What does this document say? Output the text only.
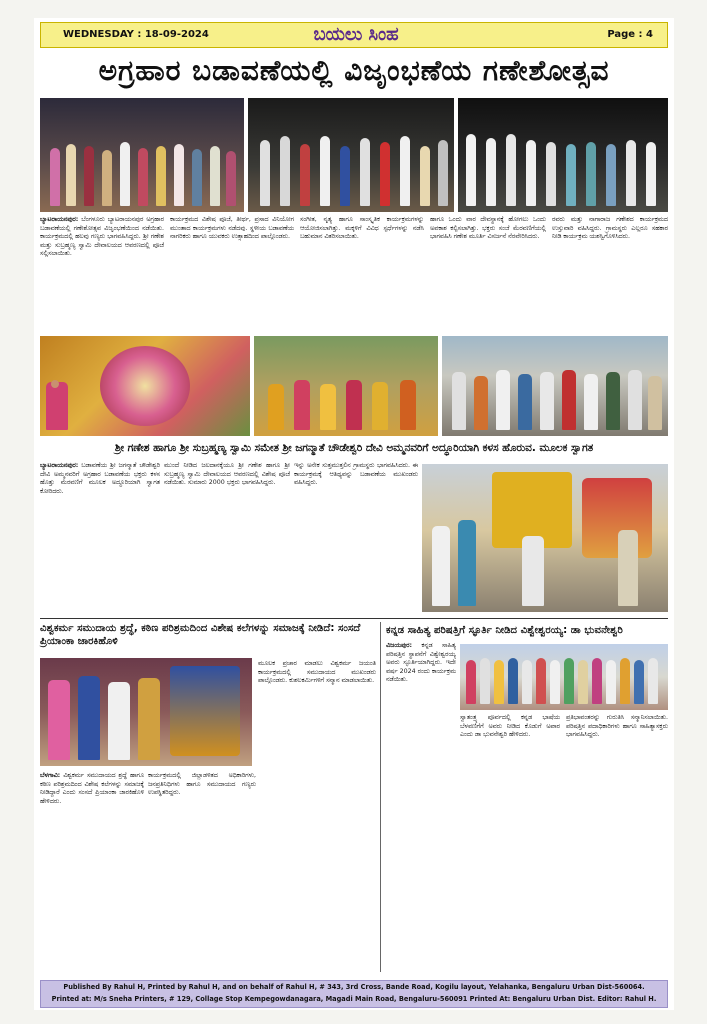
WEDNESDAY : 18-09-2024	ಬಯಲು ಸಿಂಹ	Page : 4
ಅಗ್ರಹಾರ ಬಡಾವಣೆಯಲ್ಲಿ ವಿಜೃಂಭಣೆಯ ಗಣೇಶೋತ್ಸವ
ಬ್ಯಾಟರಾಯನಪುರ: ಬೆಂಗಳೂರು ಬ್ಯಾಟರಾಯನಪುರ ಅಗ್ರಹಾರ ಬಡಾವಣೆಯಲ್ಲಿ ಗಣೇಶೋತ್ಸವ ವಿಜೃಂಭಣೆಯಿಂದ ನಡೆಯಿತು. ಕಾರ್ಯಕ್ರಮದಲ್ಲಿ ಹಲವು ಗಣ್ಯರು ಭಾಗವಹಿಸಿದ್ದರು. ಶ್ರೀ ಗಣೇಶ ಮತ್ತು ಸುಬ್ರಹ್ಮಣ್ಯ ಸ್ವಾಮಿ ದೇವಾಲಯದ ಆವರಣದಲ್ಲಿ ಪೂಜೆ ಸಲ್ಲಿಸಲಾಯಿತು.
ಕಾರ್ಯಕ್ರಮದ ವಿಶೇಷ ಪೂಜೆ, ತೀರ್ಥ, ಪ್ರಸಾದ ವಿನಿಯೋಗ ಮುಂತಾದ ಕಾರ್ಯಕ್ರಮಗಳು ನಡೆದವು. ಸ್ಥಳೀಯ ಬಡಾವಣೆಯ ನಾಗರಿಕರು ಹಾಗೂ ಯುವಕರು ಉತ್ಸಾಹದಿಂದ ಪಾಲ್ಗೊಂಡರು.
ಸಂಗೀತ, ನೃತ್ಯ ಹಾಗೂ ಸಾಂಸ್ಕೃತಿಕ ಕಾರ್ಯಕ್ರಮಗಳನ್ನು ಆಯೋಜಿಸಲಾಗಿತ್ತು. ಮಕ್ಕಳಿಗೆ ವಿವಿಧ ಸ್ಪರ್ಧೆಗಳನ್ನು ನಡೆಸಿ ಬಹುಮಾನ ವಿತರಿಸಲಾಯಿತು.
ಹಾಗೂ ಒಂದು ವಾರ ದೇವಸ್ಥಾನಕ್ಕೆ ಹೋಗಲು ಒಂದು ಅವಕಾಶ ಕಲ್ಪಿಸಲಾಗಿತ್ತು. ಭಕ್ತರು ಸಂಜೆ ಮೆರವಣಿಗೆಯಲ್ಲಿ ಭಾಗವಹಿಸಿ ಗಣೇಶ ಮೂರ್ತಿ ವಿಸರ್ಜನೆ ನೆರವೇರಿಸಿದರು.
ರವರು ಮತ್ತು ನಾಗಾರಾಜ ಗಣೇಶದ ಕಾರ್ಯಕ್ರಮದ ಉಸ್ತುವಾರಿ ವಹಿಸಿದ್ದರು. ಗ್ರಾಮಸ್ಥರು ಎಲ್ಲರೂ ಸಹಕಾರ ನೀಡಿ ಕಾರ್ಯಕ್ರಮ ಯಶಸ್ವಿಗೊಳಿಸಿದರು.
ಶ್ರೀ ಗಣೇಶ ಹಾಗೂ ಶ್ರೀ ಸುಬ್ರಹ್ಮಣ್ಯ ಸ್ವಾಮಿ ಸಮೇತ ಶ್ರೀ ಜಗನ್ಮಾತೆ ಚೌಡೇಶ್ವರಿ ದೇವಿ ಅಮ್ಮನವರಿಗೆ ಅದ್ಧೂರಿಯಾಗಿ ಕಳಸ ಹೊರುವ. ಮೂಲಕ ಸ್ವಾಗತ
ಬ್ಯಾಟರಾಯನಪುರ: ಬಡಾವಣೆಯ ಶ್ರೀ ಜಗನ್ಮಾತೆ ಚೌಡೇಶ್ವರಿ ದೇವಿ ಅಮ್ಮನವರಿಗೆ ಅಗ್ರಹಾರ ಬಡಾವಣೆಯ ಭಕ್ತರು ಕಳಸ ಹೊತ್ತು ಮೆರವಣಿಗೆ ಮೂಲಕ ಅದ್ಧೂರಿಯಾಗಿ ಸ್ವಾಗತ ಕೋರಿದರು.
ಮುಂದೆ ನೀಡಿದ ಜಲದಾನಕ್ಕೆಯೂ ಶ್ರೀ ಗಣೇಶ ಹಾಗೂ ಶ್ರೀ ಸುಬ್ರಹ್ಮಣ್ಯ ಸ್ವಾಮಿ ದೇವಾಲಯದ ಆವರಣದಲ್ಲಿ ವಿಶೇಷ ಪೂಜೆ ನಡೆಯಿತು. ಸುಮಾರು 2000 ಭಕ್ತರು ಭಾಗವಹಿಸಿದ್ದರು.
ಇನ್ನು ಅನೇಕ ಸುತ್ತಮುತ್ತಲಿನ ಗ್ರಾಮಸ್ಥರು ಭಾಗವಹಿಸಿದರು. ಈ ಕಾರ್ಯಕ್ರಮಕ್ಕೆ ಆತಿಥ್ಯವನ್ನು ಬಡಾವಣೆಯ ಮುಖಂಡರು ವಹಿಸಿದ್ದರು.
ವಿಶ್ವಕರ್ಮ ಸಮುದಾಯ ಶ್ರದ್ಧೆ, ಕಠಿಣ ಪರಿಶ್ರಮದಿಂದ ವಿಶೇಷ ಕಲೆಗಳನ್ನು ಸಮಾಜಕ್ಕೆ ನೀಡಿದೆ: ಸಂಸದೆ ಪ್ರಿಯಾಂಕಾ ಜಾರಕಿಹೊಳಿ
ಮೂಲಕ ಪ್ರಚಾರ ಮಾಡಲು ವಿಶ್ವಕರ್ಮ ಜಯಂತಿ ಕಾರ್ಯಕ್ರಮದಲ್ಲಿ ಸಮುದಾಯದ ಮುಖಂಡರು ಪಾಲ್ಗೊಂಡರು. ಕುಶಲಕರ್ಮಿಗಳಿಗೆ ಸನ್ಮಾನ ಮಾಡಲಾಯಿತು.
ಬೆಳಗಾವಿ: ವಿಶ್ವಕರ್ಮ ಸಮುದಾಯದ ಶ್ರದ್ಧೆ ಹಾಗೂ ಕಠಿಣ ಪರಿಶ್ರಮದಿಂದ ವಿಶೇಷ ಕಲೆಗಳನ್ನು ಸಮಾಜಕ್ಕೆ ನೀಡಿದ್ದಾರೆ ಎಂದು ಸಂಸದೆ ಪ್ರಿಯಾಂಕಾ ಜಾರಕಿಹೊಳಿ ಹೇಳಿದರು.
ಕಾರ್ಯಕ್ರಮದಲ್ಲಿ ಜಿಲ್ಲಾಡಳಿತದ ಅಧಿಕಾರಿಗಳು, ಜನಪ್ರತಿನಿಧಿಗಳು ಹಾಗೂ ಸಮುದಾಯದ ಗಣ್ಯರು ಉಪಸ್ಥಿತರಿದ್ದರು.
ಕನ್ನಡ ಸಾಹಿತ್ಯ ಪರಿಷತ್ತಿಗೆ ಸ್ಫೂರ್ತಿ ನೀಡಿದ ವಿಶ್ವೇಶ್ವರಯ್ಯ: ಡಾ ಭುವನೇಶ್ವರಿ
ವಿಜಯಪುರ: ಕನ್ನಡ ಸಾಹಿತ್ಯ ಪರಿಷತ್ತಿನ ಸ್ಥಾಪನೆಗೆ ವಿಶ್ವೇಶ್ವರಯ್ಯ ಅವರು ಸ್ಫೂರ್ತಿಯಾಗಿದ್ದರು. ಇದೇ ವರ್ಷ 2024 ರಂದು ಕಾರ್ಯಕ್ರಮ ನಡೆಯಿತು.
ಸ್ವಾತಂತ್ರ್ಯ ಪೂರ್ವದಲ್ಲಿ ಕನ್ನಡ ಭಾಷೆಯ ಬೆಳವಣಿಗೆಗೆ ಅವರು ನೀಡಿದ ಕೊಡುಗೆ ಅಪಾರ ಎಂದು ಡಾ ಭುವನೇಶ್ವರಿ ಹೇಳಿದರು.
ಪ್ರತಿಭಾವಂತರನ್ನು ಗುರುತಿಸಿ ಸನ್ಮಾನಿಸಲಾಯಿತು. ಪರಿಷತ್ತಿನ ಪದಾಧಿಕಾರಿಗಳು ಹಾಗೂ ಸಾಹಿತ್ಯಾಸಕ್ತರು ಭಾಗವಹಿಸಿದ್ದರು.
Published By Rahul H, Printed by Rahul H, and on behalf of Rahul H, # 343, 3rd Cross, Bande Road, Kogilu layout, Yelahanka, Bengaluru Urban Dist-560064.
Printed at: M/s Sneha Printers, # 129, Collage Stop Kempegowdanagara, Magadi Main Road, Bengaluru-560091 Printed At: Bengaluru Urban Dist. Editor: Rahul H.
